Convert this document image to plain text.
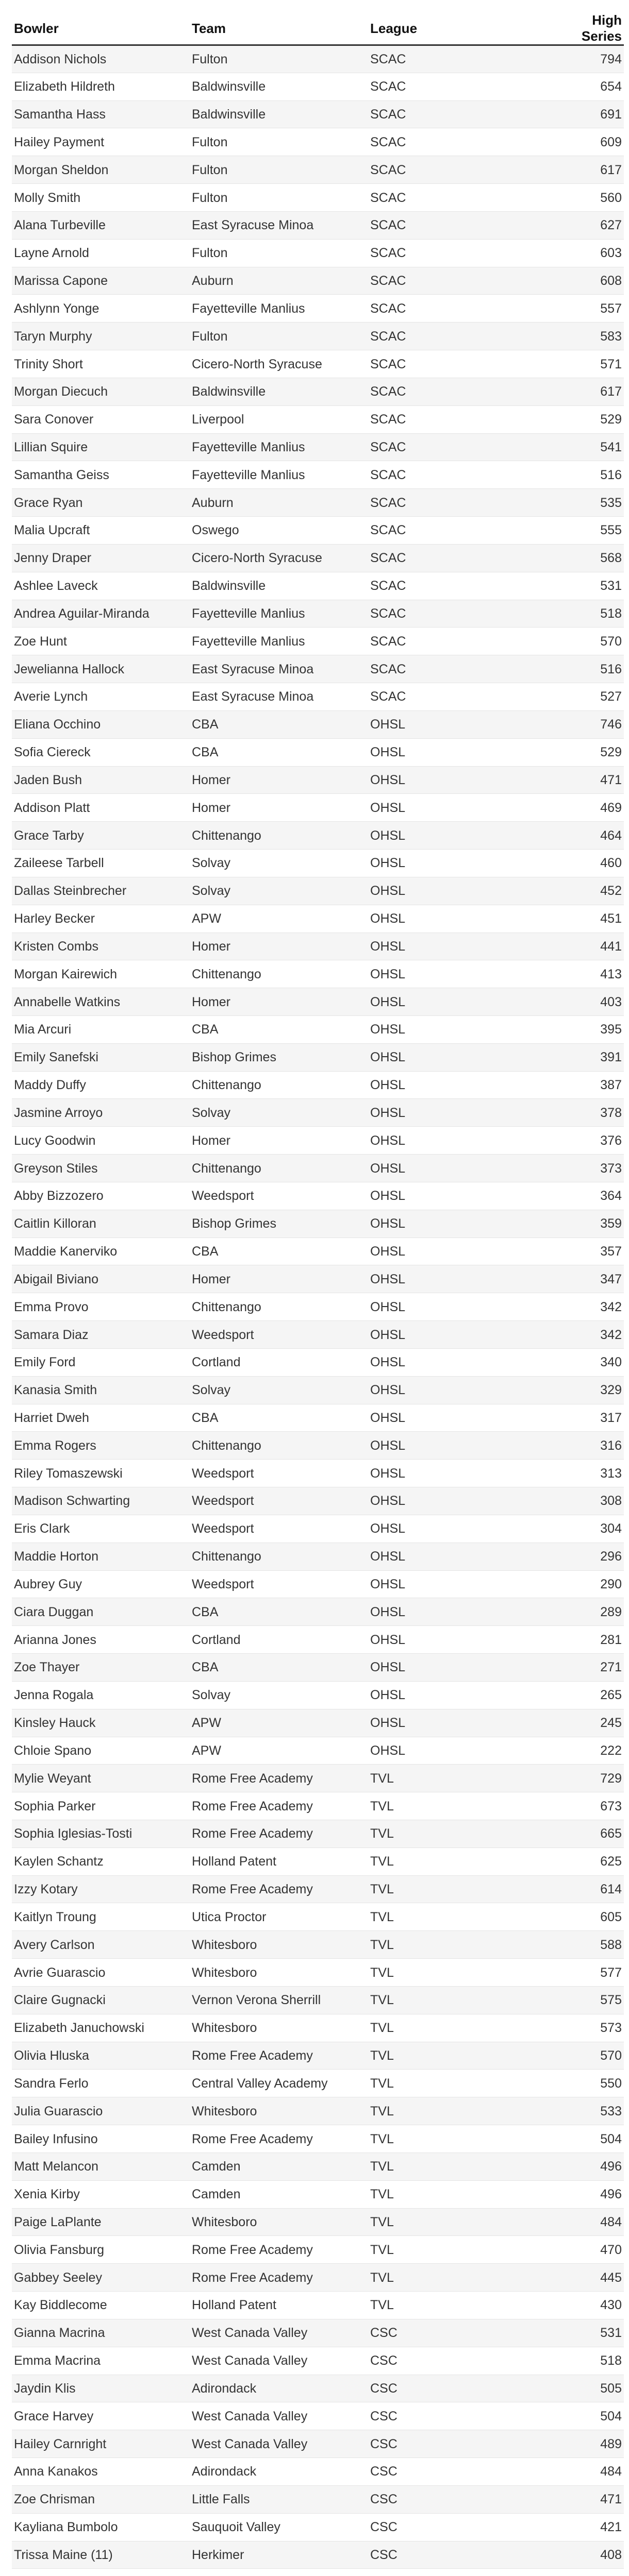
Bowler	Team	League	High Series
Addison Nichols	Fulton	SCAC	794
Elizabeth Hildreth	Baldwinsville	SCAC	654
Samantha Hass	Baldwinsville	SCAC	691
Hailey Payment	Fulton	SCAC	609
Morgan Sheldon	Fulton	SCAC	617
Molly Smith	Fulton	SCAC	560
Alana Turbeville	East Syracuse Minoa	SCAC	627
Layne Arnold	Fulton	SCAC	603
Marissa Capone	Auburn	SCAC	608
Ashlynn Yonge	Fayetteville Manlius	SCAC	557
Taryn Murphy	Fulton	SCAC	583
Trinity Short	Cicero-North Syracuse	SCAC	571
Morgan Diecuch	Baldwinsville	SCAC	617
Sara Conover	Liverpool	SCAC	529
Lillian Squire	Fayetteville Manlius	SCAC	541
Samantha Geiss	Fayetteville Manlius	SCAC	516
Grace Ryan	Auburn	SCAC	535
Malia Upcraft	Oswego	SCAC	555
Jenny Draper	Cicero-North Syracuse	SCAC	568
Ashlee Laveck	Baldwinsville	SCAC	531
Andrea Aguilar-Miranda	Fayetteville Manlius	SCAC	518
Zoe Hunt	Fayetteville Manlius	SCAC	570
Jewelianna Hallock	East Syracuse Minoa	SCAC	516
Averie Lynch	East Syracuse Minoa	SCAC	527
Eliana Occhino	CBA	OHSL	746
Sofia Ciereck	CBA	OHSL	529
Jaden Bush	Homer	OHSL	471
Addison Platt	Homer	OHSL	469
Grace Tarby	Chittenango	OHSL	464
Zaileese Tarbell	Solvay	OHSL	460
Dallas Steinbrecher	Solvay	OHSL	452
Harley Becker	APW	OHSL	451
Kristen Combs	Homer	OHSL	441
Morgan Kairewich	Chittenango	OHSL	413
Annabelle Watkins	Homer	OHSL	403
Mia Arcuri	CBA	OHSL	395
Emily Sanefski	Bishop Grimes	OHSL	391
Maddy Duffy	Chittenango	OHSL	387
Jasmine Arroyo	Solvay	OHSL	378
Lucy Goodwin	Homer	OHSL	376
Greyson Stiles	Chittenango	OHSL	373
Abby Bizzozero	Weedsport	OHSL	364
Caitlin Killoran	Bishop Grimes	OHSL	359
Maddie Kanerviko	CBA	OHSL	357
Abigail Biviano	Homer	OHSL	347
Emma Provo	Chittenango	OHSL	342
Samara Diaz	Weedsport	OHSL	342
Emily Ford	Cortland	OHSL	340
Kanasia Smith	Solvay	OHSL	329
Harriet Dweh	CBA	OHSL	317
Emma Rogers	Chittenango	OHSL	316
Riley Tomaszewski	Weedsport	OHSL	313
Madison Schwarting	Weedsport	OHSL	308
Eris Clark	Weedsport	OHSL	304
Maddie Horton	Chittenango	OHSL	296
Aubrey Guy	Weedsport	OHSL	290
Ciara Duggan	CBA	OHSL	289
Arianna Jones	Cortland	OHSL	281
Zoe Thayer	CBA	OHSL	271
Jenna Rogala	Solvay	OHSL	265
Kinsley Hauck	APW	OHSL	245
Chloie Spano	APW	OHSL	222
Mylie Weyant	Rome Free Academy	TVL	729
Sophia Parker	Rome Free Academy	TVL	673
Sophia Iglesias-Tosti	Rome Free Academy	TVL	665
Kaylen Schantz	Holland Patent	TVL	625
Izzy Kotary	Rome Free Academy	TVL	614
Kaitlyn Troung	Utica Proctor	TVL	605
Avery Carlson	Whitesboro	TVL	588
Avrie Guarascio	Whitesboro	TVL	577
Claire Gugnacki	Vernon Verona Sherrill	TVL	575
Elizabeth Januchowski	Whitesboro	TVL	573
Olivia Hluska	Rome Free Academy	TVL	570
Sandra Ferlo	Central Valley Academy	TVL	550
Julia Guarascio	Whitesboro	TVL	533
Bailey Infusino	Rome Free Academy	TVL	504
Matt Melancon	Camden	TVL	496
Xenia Kirby	Camden	TVL	496
Paige LaPlante	Whitesboro	TVL	484
Olivia Fansburg	Rome Free Academy	TVL	470
Gabbey Seeley	Rome Free Academy	TVL	445
Kay Biddlecome	Holland Patent	TVL	430
Gianna Macrina	West Canada Valley	CSC	531
Emma Macrina	West Canada Valley	CSC	518
Jaydin Klis	Adirondack	CSC	505
Grace Harvey	West Canada Valley	CSC	504
Hailey Carnright	West Canada Valley	CSC	489
Anna Kanakos	Adirondack	CSC	484
Zoe Chrisman	Little Falls	CSC	471
Kayliana Bumbolo	Sauquoit Valley	CSC	421
Trissa Maine (11)	Herkimer	CSC	408
